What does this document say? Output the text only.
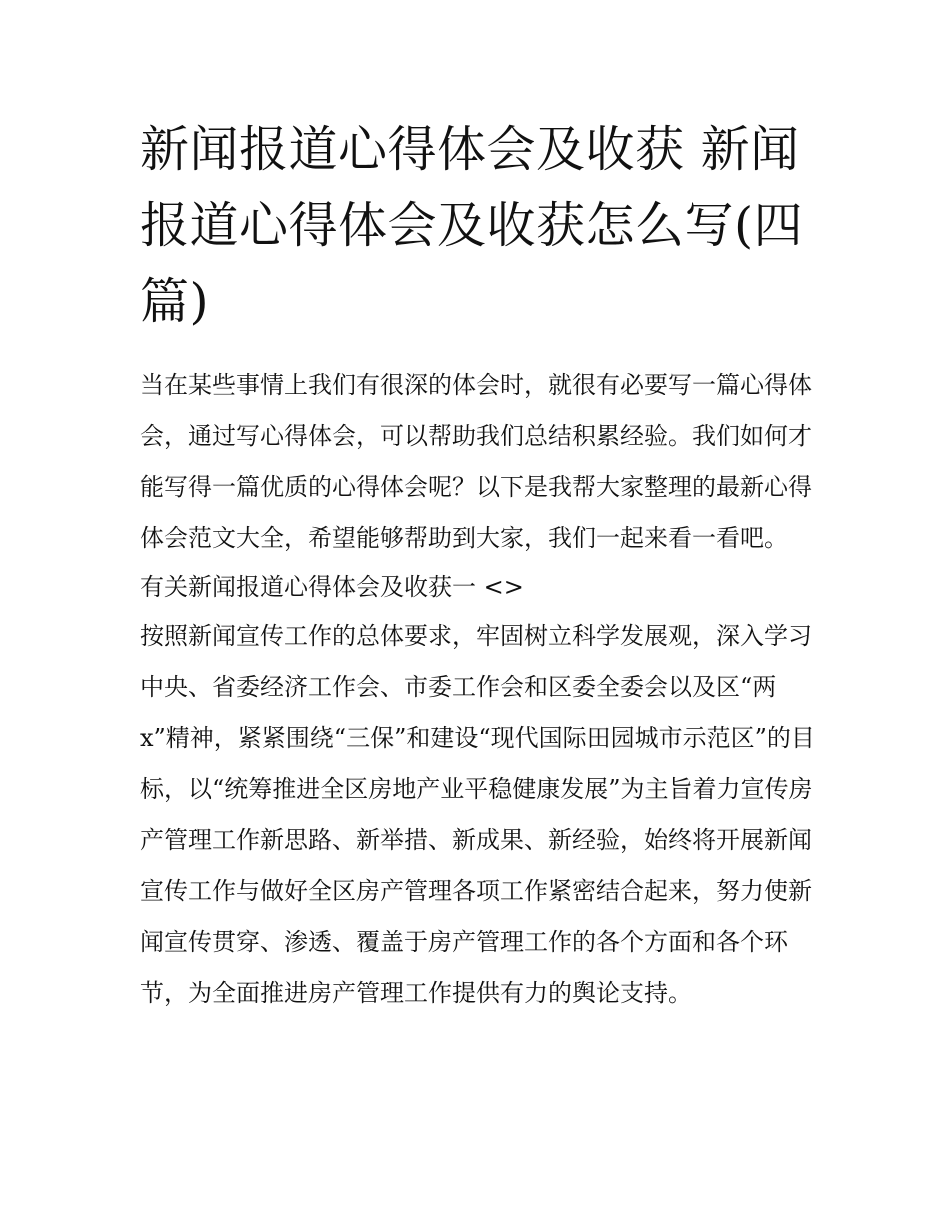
新闻报道心得体会及收获 新闻报道心得体会及收获怎么写(四篇)

当在某些事情上我们有很深的体会时，就很有必要写一篇心得体会，通过写心得体会，可以帮助我们总结积累经验。我们如何才能写得一篇优质的心得体会呢？以下是我帮大家整理的最新心得体会范文大全，希望能够帮助到大家，我们一起来看一看吧。

有关新闻报道心得体会及收获一 <>

按照新闻宣传工作的总体要求，牢固树立科学发展观，深入学习中央、省委经济工作会、市委工作会和区委全委会以及区“两x”精神，紧紧围绕“三保”和建设“现代国际田园城市示范区”的目标，以“统筹推进全区房地产业平稳健康发展”为主旨着力宣传房产管理工作新思路、新举措、新成果、新经验，始终将开展新闻宣传工作与做好全区房产管理各项工作紧密结合起来，努力使新闻宣传贯穿、渗透、覆盖于房产管理工作的各个方面和各个环节，为全面推进房产管理工作提供有力的舆论支持。
